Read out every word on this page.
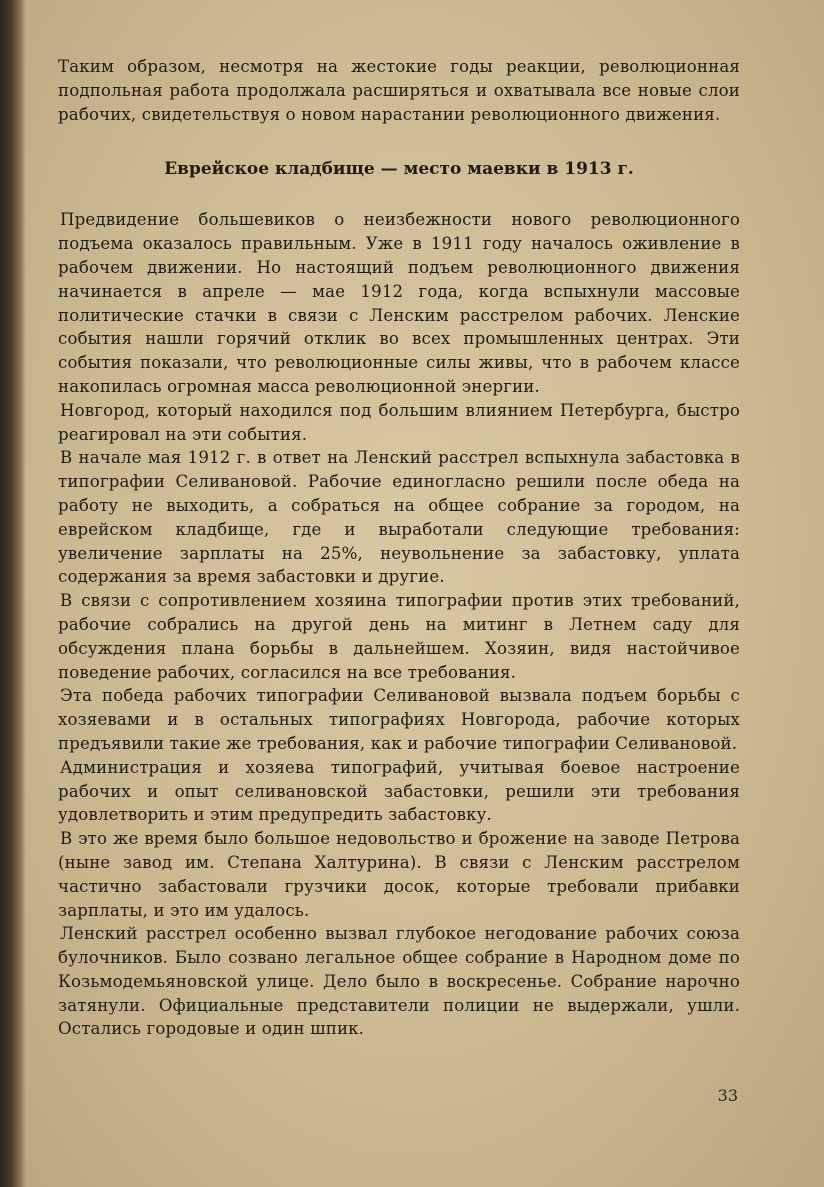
Таким образом, несмотря на жестокие годы реакции, революционная подпольная работа продолжала расширяться и охватывала все новые слои рабочих, свидетельствуя о новом нарастании революционного движения.

Еврейское кладбище — место маевки в 1913 г.

Предвидение большевиков о неизбежности нового революционного подъема оказалось правильным. Уже в 1911 году началось оживление в рабочем движении. Но настоящий подъем революционного движения начинается в апреле — мае 1912 года, когда вспыхнули массовые политические стачки в связи с Ленским расстрелом рабочих. Ленские события нашли горячий отклик во всех промышленных центрах. Эти события показали, что революционные силы живы, что в рабочем классе накопилась огромная масса революционной энергии.

Новгород, который находился под большим влиянием Петербурга, быстро реагировал на эти события.

В начале мая 1912 г. в ответ на Ленский расстрел вспыхнула забастовка в типографии Селивановой. Рабочие единогласно решили после обеда на работу не выходить, а собраться на общее собрание за городом, на еврейском кладбище, где и выработали следующие требования: увеличение зарплаты на 25%, неувольнение за забастовку, уплата содержания за время забастовки и другие.

В связи с сопротивлением хозяина типографии против этих требований, рабочие собрались на другой день на митинг в Летнем саду для обсуждения плана борьбы в дальнейшем. Хозяин, видя настойчивое поведение рабочих, согласился на все требования.

Эта победа рабочих типографии Селивановой вызвала подъем борьбы с хозяевами и в остальных типографиях Новгорода, рабочие которых предъявили такие же требования, как и рабочие типографии Селивановой.

Администрация и хозяева типографий, учитывая боевое настроение рабочих и опыт селивановской забастовки, решили эти требования удовлетворить и этим предупредить забастовку.

В это же время было большое недовольство и брожение на заводе Петрова (ныне завод им. Степана Халтурина). В связи с Ленским расстрелом частично забастовали грузчики досок, которые требовали прибавки зарплаты, и это им удалось.

Ленский расстрел особенно вызвал глубокое негодование рабочих союза булочников. Было созвано легальное общее собрание в Народном доме по Козьмодемьяновской улице. Дело было в воскресенье. Собрание нарочно затянули. Официальные представители полиции не выдержали, ушли. Остались городовые и один шпик.

33
